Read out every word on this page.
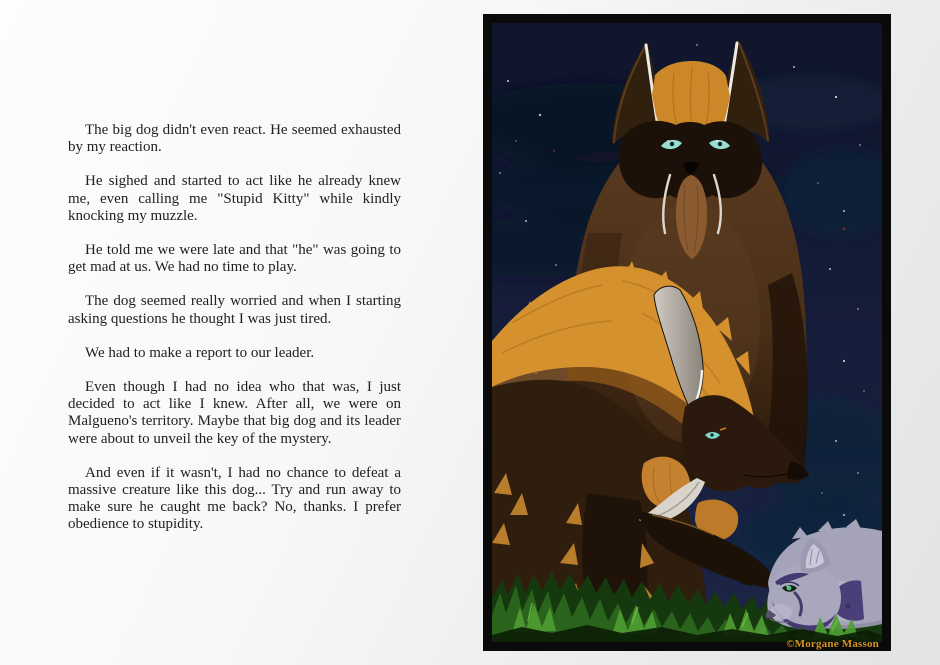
The big dog didn't even react. He seemed exhausted by my reaction.

He sighed and started to act like he already knew me, even calling me "Stupid Kitty" while kindly knocking my muzzle.

He told me we were late and that "he" was going to get mad at us. We had no time to play.

The dog seemed really worried and when I starting asking questions he thought I was just tired.

We had to make a report to our leader.

Even though I had no idea who that was, I just decided to act like I knew. After all, we were on Malgueno's territory. Maybe that big dog and its leader were about to unveil the key of the mystery.

And even if it wasn't, I had no chance to defeat a massive creature like this dog... Try and run away to make sure he caught me back? No, thanks. I prefer obedience to stupidity.

©Morgane Masson
